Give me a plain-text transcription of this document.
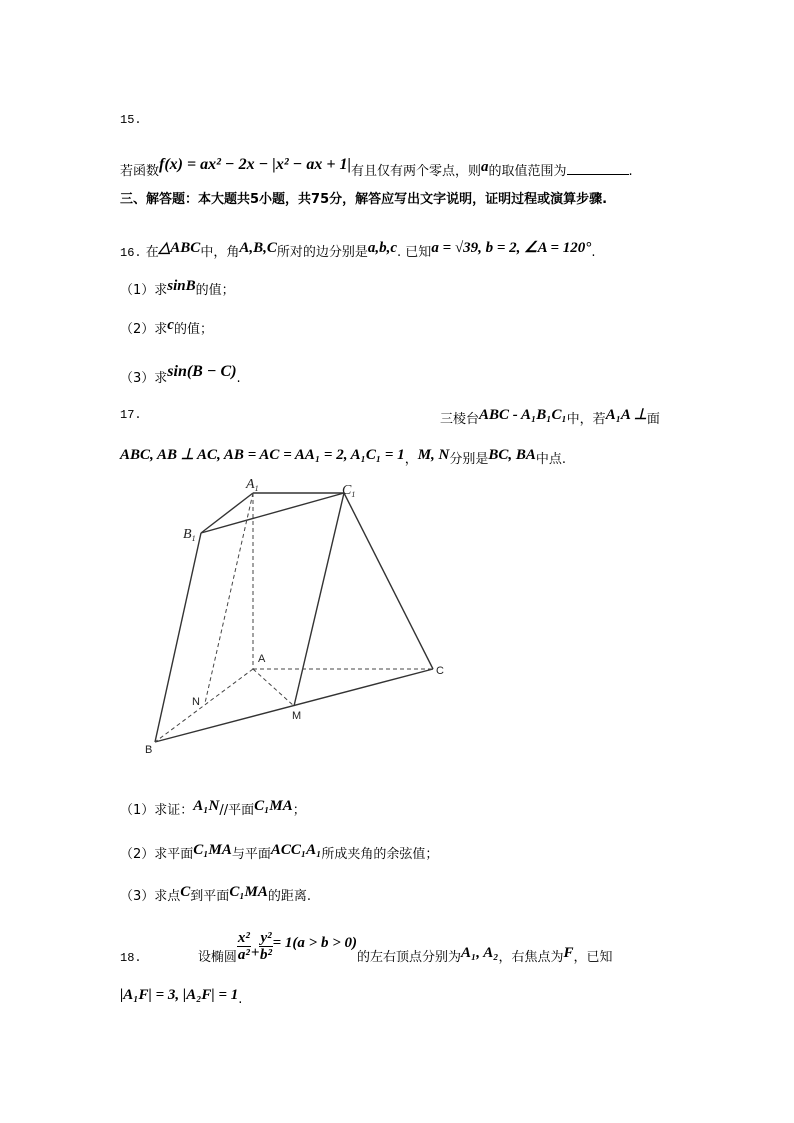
15.
若函数f(x) = ax² − 2x − |x² − ax + 1|有且仅有两个零点，则a的取值范围为	.
三、解答题：本大题共5小题，共75分，解答应写出文字说明，证明过程或演算步骤.
16. 在△ABC中，角A,B,C所对的边分别是a,b,c. 已知a = √39, b = 2, ∠A = 120°.
（1）求sinB的值；
（2）求c的值；
（3）求sin(B − C).
17.	三棱台ABC - A₁B₁C₁中，若A₁A ⊥面
ABC, AB ⊥ AC, AB = AC = AA₁ = 2, A₁C₁ = 1，M, N分别是BC, BA中点.
$A_1$	$C_1$
$B_1$
A
C
B
M
N
（1）求证：A₁N//平面C₁MA；
（2）求平面C₁MA与平面ACC₁A₁所成夹角的余弦值；
（3）求点C到平面C₁MA的距离.
18.	设椭圆 $\frac{\text{x²}}{\text{a²}} + \frac{\text{y²}}{\text{b²}} = 1(a > b > 0)$的左右顶点分别为A₁, A₂，右焦点为F，已知
|A₁F| = 3, |A₂F| = 1.
